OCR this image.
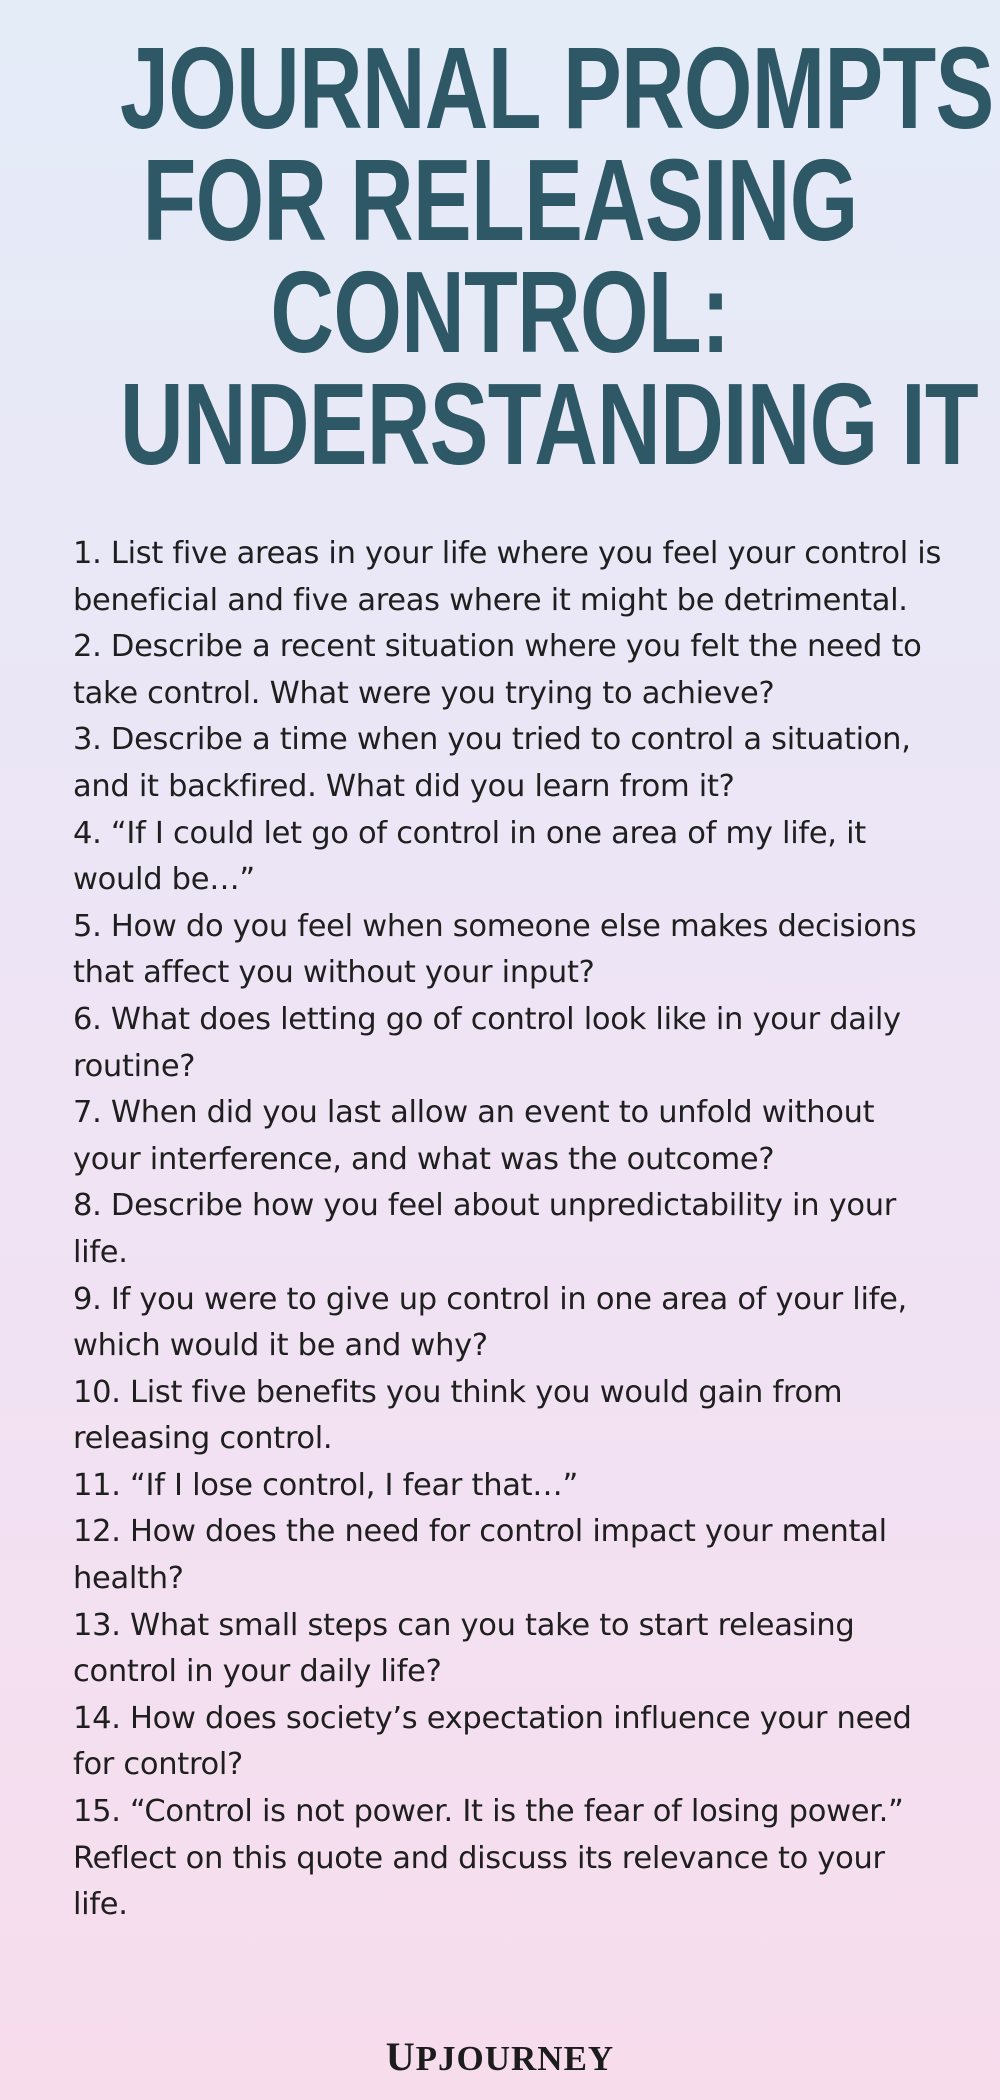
JOURNAL PROMPTS
FOR RELEASING
CONTROL:
UNDERSTANDING IT
1. List five areas in your life where you feel your control is beneficial and five areas where it might be detrimental.
2. Describe a recent situation where you felt the need to take control. What were you trying to achieve?
3. Describe a time when you tried to control a situation, and it backfired. What did you learn from it?
4. “If I could let go of control in one area of my life, it would be…”
5. How do you feel when someone else makes decisions that affect you without your input?
6. What does letting go of control look like in your daily routine?
7. When did you last allow an event to unfold without your interference, and what was the outcome?
8. Describe how you feel about unpredictability in your life.
9. If you were to give up control in one area of your life, which would it be and why?
10. List five benefits you think you would gain from releasing control.
11. “If I lose control, I fear that…”
12. How does the need for control impact your mental health?
13. What small steps can you take to start releasing control in your daily life?
14. How does society’s expectation influence your need for control?
15. “Control is not power. It is the fear of losing power.” Reflect on this quote and discuss its relevance to your life.
UPJOURNEY
